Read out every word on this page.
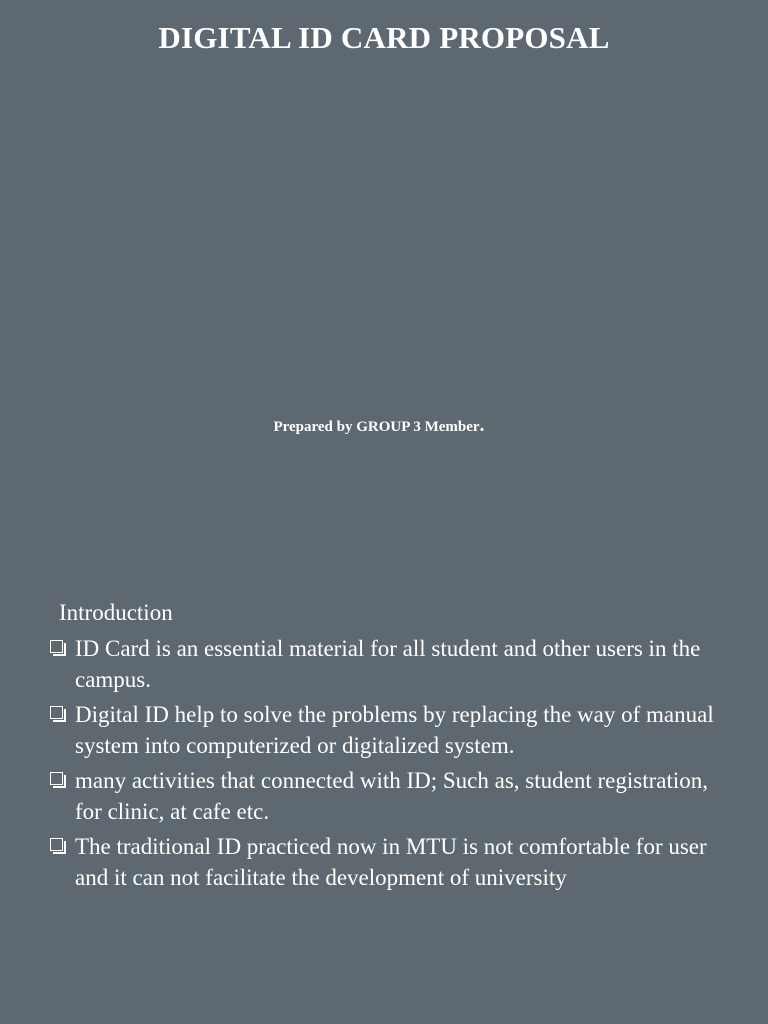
DIGITAL ID CARD PROPOSAL

Prepared by GROUP 3 Member.

Introduction
ID Card is an essential material for all student and other users in the campus.
Digital ID help to solve the problems by replacing the way of manual system into computerized or digitalized system.
many activities that connected with ID; Such as, student registration, for clinic, at cafe etc.
The traditional ID practiced now in MTU is not comfortable for user and it can not facilitate the development of university
